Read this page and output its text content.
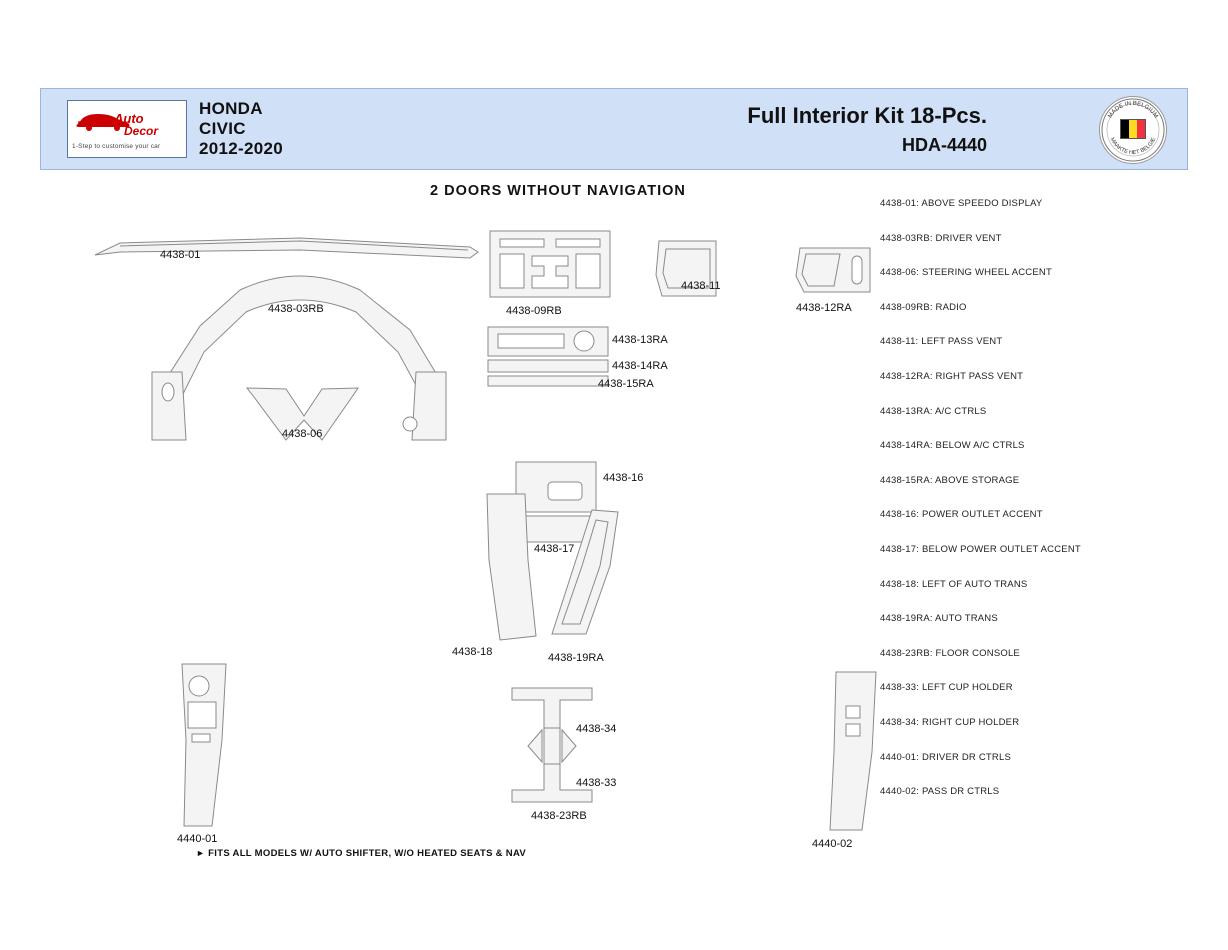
Auto
Decor
1-Step to customise your car
HONDA
CIVIC
2012-2020
Full Interior Kit 18-Pcs.
HDA-4440
MADE IN BELGIUM
MAAKTE HET BELGIE
2 DOORS WITHOUT NAVIGATION
4438-01
4438-03RB	4438-09RB
4438-11
4438-12RA
4438-13RA
4438-14RA
4438-15RA
4438-06
4438-16
4438-17
4438-18	4438-19RA
4438-34
4438-33
4438-23RB
4440-01	4440-02
4438-01: ABOVE SPEEDO DISPLAY
4438-03RB: DRIVER VENT
4438-06: STEERING WHEEL ACCENT
4438-09RB: RADIO
4438-11: LEFT PASS VENT
4438-12RA: RIGHT PASS VENT
4438-13RA: A/C CTRLS
4438-14RA: BELOW A/C CTRLS
4438-15RA: ABOVE STORAGE
4438-16: POWER OUTLET ACCENT
4438-17: BELOW POWER OUTLET ACCENT
4438-18: LEFT OF AUTO TRANS
4438-19RA: AUTO TRANS
4438-23RB: FLOOR CONSOLE
4438-33: LEFT CUP HOLDER
4438-34: RIGHT CUP HOLDER
4440-01: DRIVER DR CTRLS
4440-02: PASS DR CTRLS
► FITS ALL MODELS W/ AUTO SHIFTER, W/O HEATED SEATS & NAV
